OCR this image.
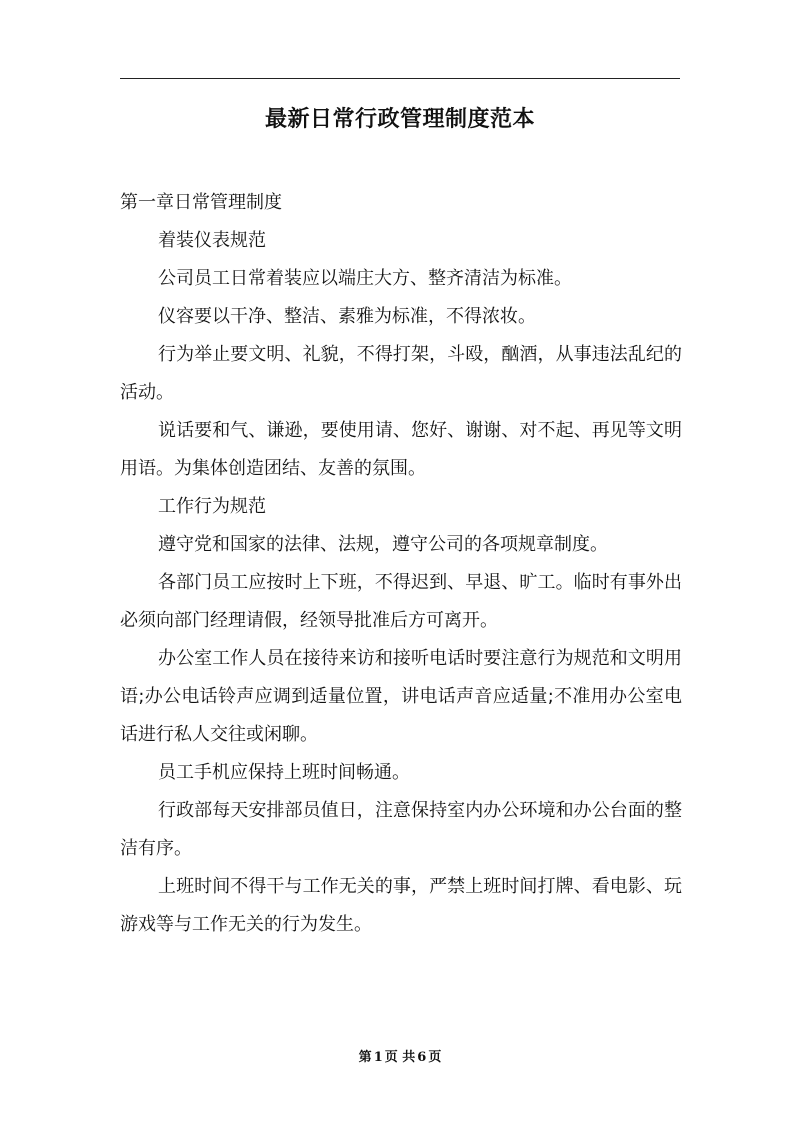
最新日常行政管理制度范本

第一章日常管理制度

着装仪表规范

公司员工日常着装应以端庄大方、整齐清洁为标准。

仪容要以干净、整洁、素雅为标准，不得浓妆。

行为举止要文明、礼貌，不得打架，斗殴，酗酒，从事违法乱纪的活动。

说话要和气、谦逊，要使用请、您好、谢谢、对不起、再见等文明用语。为集体创造团结、友善的氛围。

工作行为规范

遵守党和国家的法律、法规，遵守公司的各项规章制度。

各部门员工应按时上下班，不得迟到、早退、旷工。临时有事外出必须向部门经理请假，经领导批准后方可离开。

办公室工作人员在接待来访和接听电话时要注意行为规范和文明用语;办公电话铃声应调到适量位置，讲电话声音应适量;不准用办公室电话进行私人交往或闲聊。

员工手机应保持上班时间畅通。

行政部每天安排部员值日，注意保持室内办公环境和办公台面的整洁有序。

上班时间不得干与工作无关的事，严禁上班时间打牌、看电影、玩游戏等与工作无关的行为发生。

第 1 页 共 6 页
